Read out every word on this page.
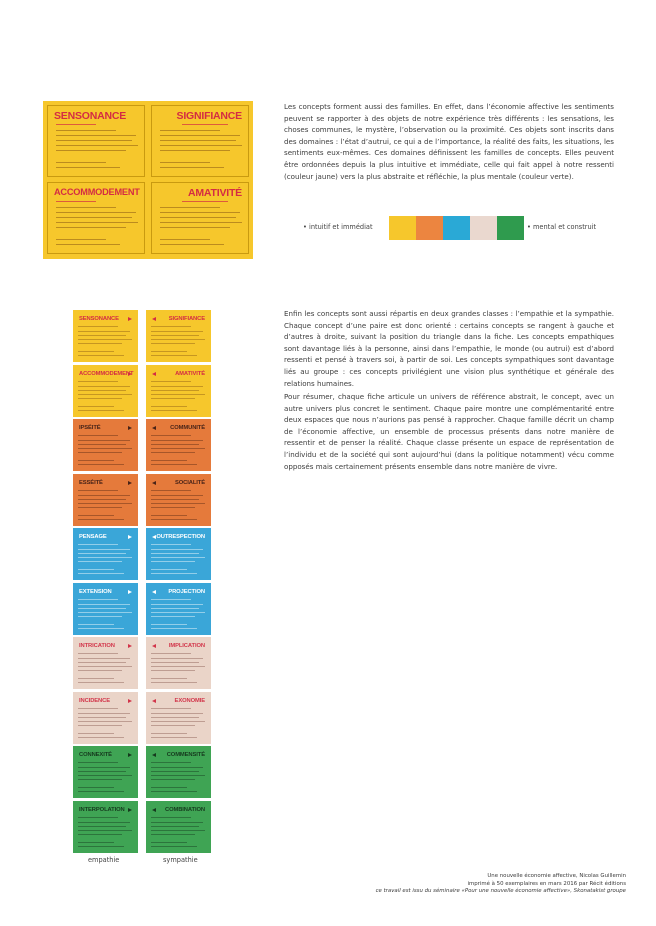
Les concepts forment aussi des familles. En effet, dans l’économie affective les sentiments peuvent se rapporter à des objets de notre expérience très différents : les sensations, les choses communes, le mystère, l’observation ou la proximité. Ces objets sont inscrits dans des domaines : l’état d’autrui, ce qui a de l’importance, la réalité des faits, les situations, les sentiments eux-mêmes. Ces domaines définissent les familles de concepts. Elles peuvent être ordonnées depuis la plus intuitive et immédiate, celle qui fait appel à notre ressenti (couleur jaune) vers la plus abstraite et réfléchie, la plus mentale (couleur verte).

SENSONANCE	SIGNIFIANCE
ACCOMMODEMENT	AMATIVITÉ
• intuitif et immédiat	• mental et construit

Enfin les concepts sont aussi répartis en deux grandes classes : l’empathie et la sympathie. Chaque concept d’une paire est donc orienté : certains concepts se rangent à gauche et d’autres à droite, suivant la position du triangle dans la fiche. Les concepts empathiques sont davantage liés à la personne, ainsi dans l’empathie, le monde (ou autrui) est d’abord ressenti et pensé à travers soi, à partir de soi. Les concepts sympathiques sont davantage liés au groupe : ces concepts privilégient une vision plus synthétique et générale des relations humaines.

Pour résumer, chaque fiche articule un univers de référence abstrait, le concept, avec un autre univers plus concret le sentiment. Chaque paire montre une complémentarité entre deux espaces que nous n’aurions pas pensé à rapprocher. Chaque famille décrit un champ de l’économie affective, un ensemble de processus présents dans notre manière de ressentir et de penser la réalité. Chaque classe présente un espace de représentation de l’individu et de la société qui sont aujourd’hui (dans la politique notamment) vécu comme opposés mais certainement présents ensemble dans notre manière de vivre.

SENSONANCE	SIGNIFIANCE
ACCOMMODEMENT	AMATIVITÉ
IPSÉITÉ	COMMUNITÉ
ESSÉITÉ	SOCIALITÉ
PENSAGE	OUTRESPECTION
EXTENSION	PROJECTION
INTRICATION	IMPLICATION
INCIDENCE	EXONOMIE
CONNEXITÉ	COMMENSITÉ
INTERPOLATION	COMBINATION
empathie	sympathie
Une nouvelle économie affective, Nicolas Guillemin
imprimé à 50 exemplaires en mars 2016 par Récit éditions
ce travail est issu du séminaire «Pour une nouvelle économie affective», Skonatakist groupe
